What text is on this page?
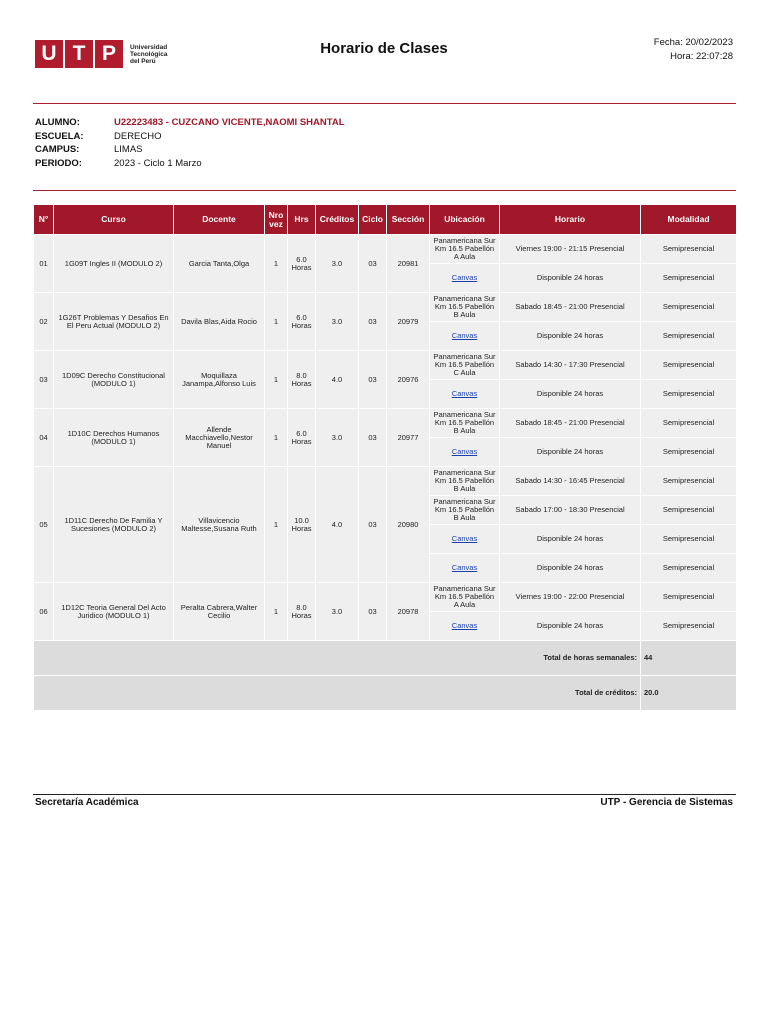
U T P	Universidad
Tecnológica
del Perú
Horario de Clases	Fecha: 20/02/2023
Hora: 22:07:28
ALUMNO:	U22223483 - CUZCANO VICENTE,NAOMI SHANTAL
ESCUELA:	DERECHO
CAMPUS:	LIMAS
PERIODO:	2023 - Ciclo 1 Marzo
N°	Curso	Docente	Nro vez	Hrs	Créditos	Ciclo	Sección	Ubicación	Horario	Modalidad
01	1G09T Ingles II (MODULO 2)	Garcia Tanta,Olga	1	6.0 Horas	3.0	03	20981	Panamericana Sur Km 16.5 Pabellón A Aula	Viernes 19:00 - 21:15 Presencial	Semipresencial
								Canvas	Disponible 24 horas	Semipresencial
02	1G26T Problemas Y Desafios En El Peru Actual (MODULO 2)	Davila Blas,Aida Rocio	1	6.0 Horas	3.0	03	20979	Panamericana Sur Km 16.5 Pabellón B Aula	Sabado 18:45 - 21:00 Presencial	Semipresencial
								Canvas	Disponible 24 horas	Semipresencial
03	1D09C Derecho Constitucional (MODULO 1)	Moquillaza Janampa,Alfonso Luis	1	8.0 Horas	4.0	03	20976	Panamericana Sur Km 16.5 Pabellón C Aula	Sabado 14:30 - 17:30 Presencial	Semipresencial
								Canvas	Disponible 24 horas	Semipresencial
04	1D10C Derechos Humanos (MODULO 1)	Allende Macchiavello,Nestor Manuel	1	6.0 Horas	3.0	03	20977	Panamericana Sur Km 16.5 Pabellón B Aula	Sabado 18:45 - 21:00 Presencial	Semipresencial
								Canvas	Disponible 24 horas	Semipresencial
05	1D11C Derecho De Familia Y Sucesiones (MODULO 2)	Villavicencio Maltesse,Susana Ruth	1	10.0 Horas	4.0	03	20980	Panamericana Sur Km 16.5 Pabellón B Aula	Sabado 14:30 - 16:45 Presencial	Semipresencial
								Panamericana Sur Km 16.5 Pabellón B Aula	Sabado 17:00 - 18:30 Presencial	Semipresencial
								Canvas	Disponible 24 horas	Semipresencial
								Canvas	Disponible 24 horas	Semipresencial
06	1D12C Teoria General Del Acto Juridico (MODULO 1)	Peralta Cabrera,Walter Cecilio	1	8.0 Horas	3.0	03	20978	Panamericana Sur Km 16.5 Pabellón A Aula	Viernes 19:00 - 22:00 Presencial	Semipresencial
								Canvas	Disponible 24 horas	Semipresencial
Total de horas semanales:										44
Total de créditos:										20.0
Secretaría Académica	UTP - Gerencia de Sistemas
